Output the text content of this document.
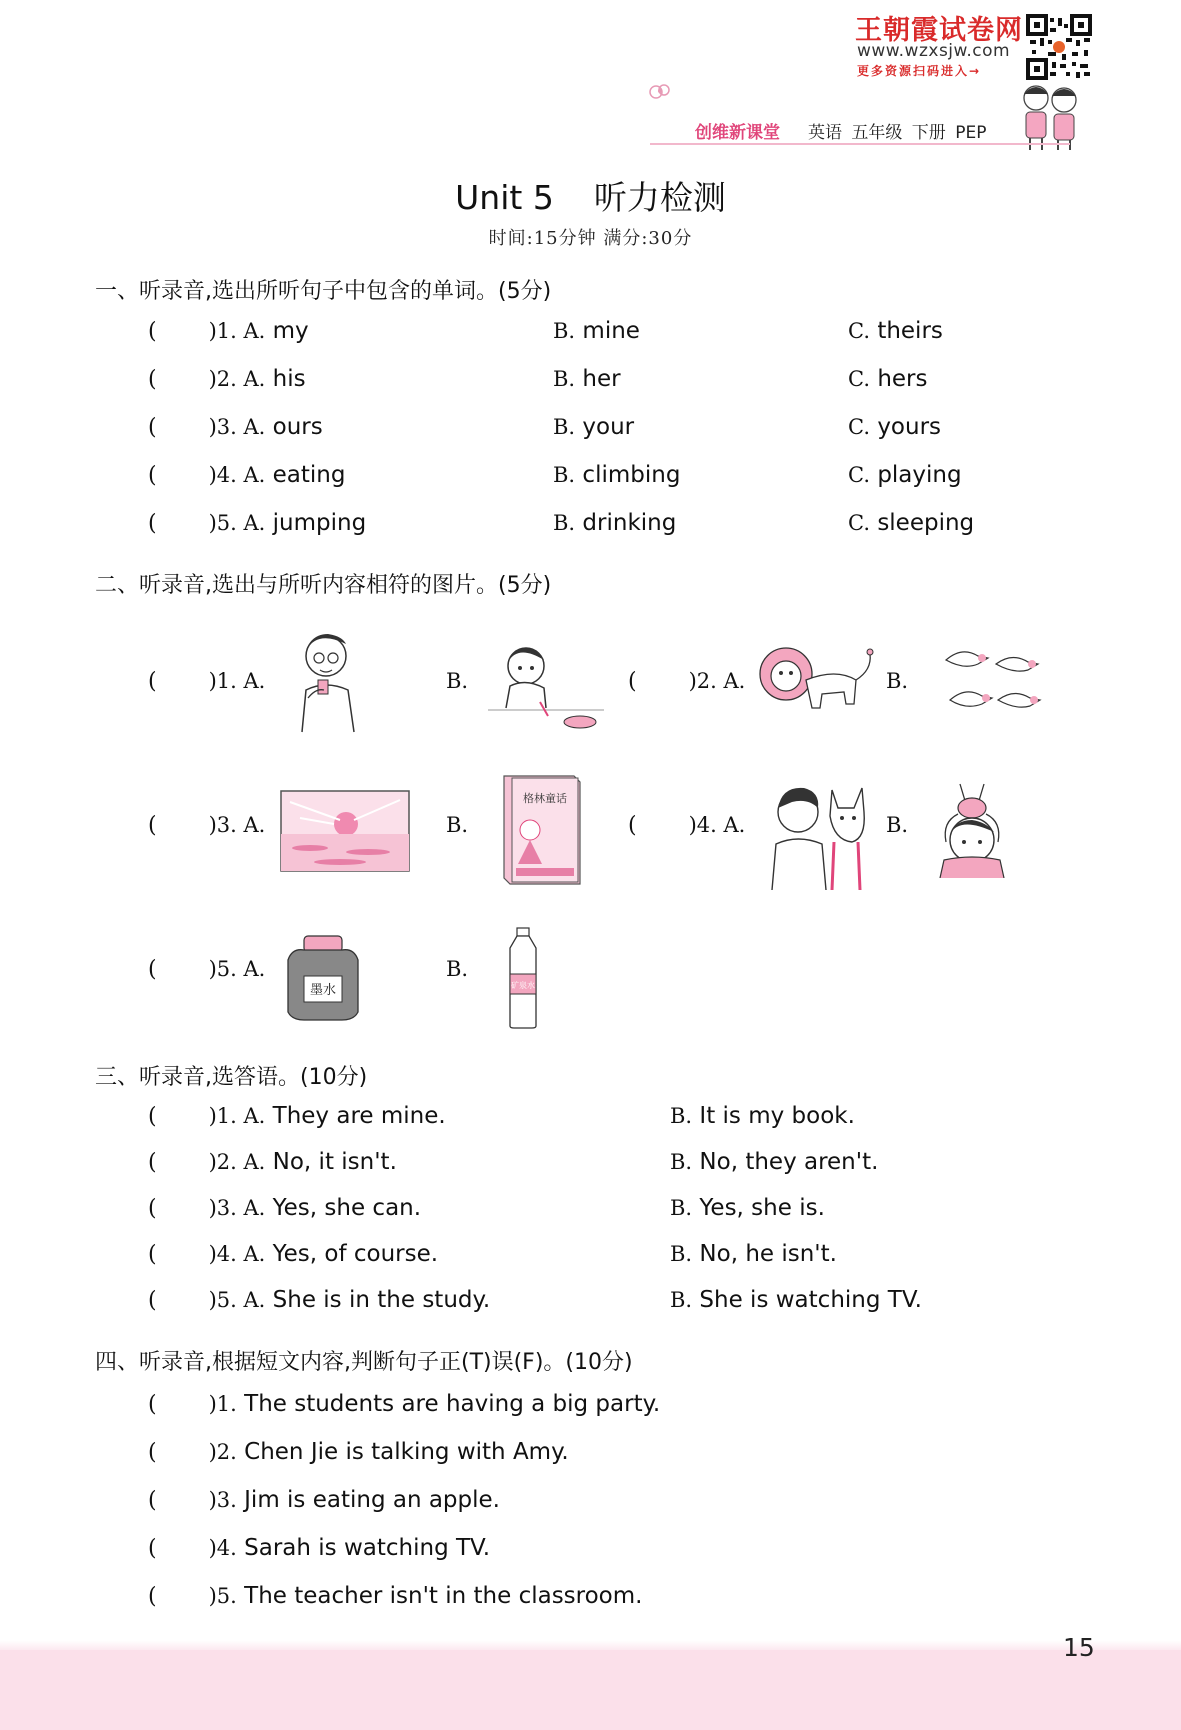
王朝霞试卷网
www.wzxsjw.com
更多资源扫码进入→
创维新课堂 英语 五年级 下册 PEP
Unit 5 听力检测
时间:15分钟 满分:30分
一、听录音,选出所听句子中包含的单词。(5分)
( )1. A. my	B. mine	C. theirs
( )2. A. his	B. her	C. hers
( )3. A. ours	B. your	C. yours
( )4. A. eating	B. climbing	C. playing
( )5. A. jumping	B. drinking	C. sleeping
二、听录音,选出与所听内容相符的图片。(5分)
( )1. A.	B.	( )2. A.	B.
( )3. A.	B.
格林童话
( )4. A.	B.
( )5. A.
墨水
B.
矿泉水
三、听录音,选答语。(10分)
( )1. A. They are mine.	B. It is my book.
( )2. A. No, it isn't.	B. No, they aren't.
( )3. A. Yes, she can.	B. Yes, she is.
( )4. A. Yes, of course.	B. No, he isn't.
( )5. A. She is in the study.	B. She is watching TV.
四、听录音,根据短文内容,判断句子正(T)误(F)。(10分)
( )1. The students are having a big party.
( )2. Chen Jie is talking with Amy.
( )3. Jim is eating an apple.
( )4. Sarah is watching TV.
( )5. The teacher isn't in the classroom.
15
